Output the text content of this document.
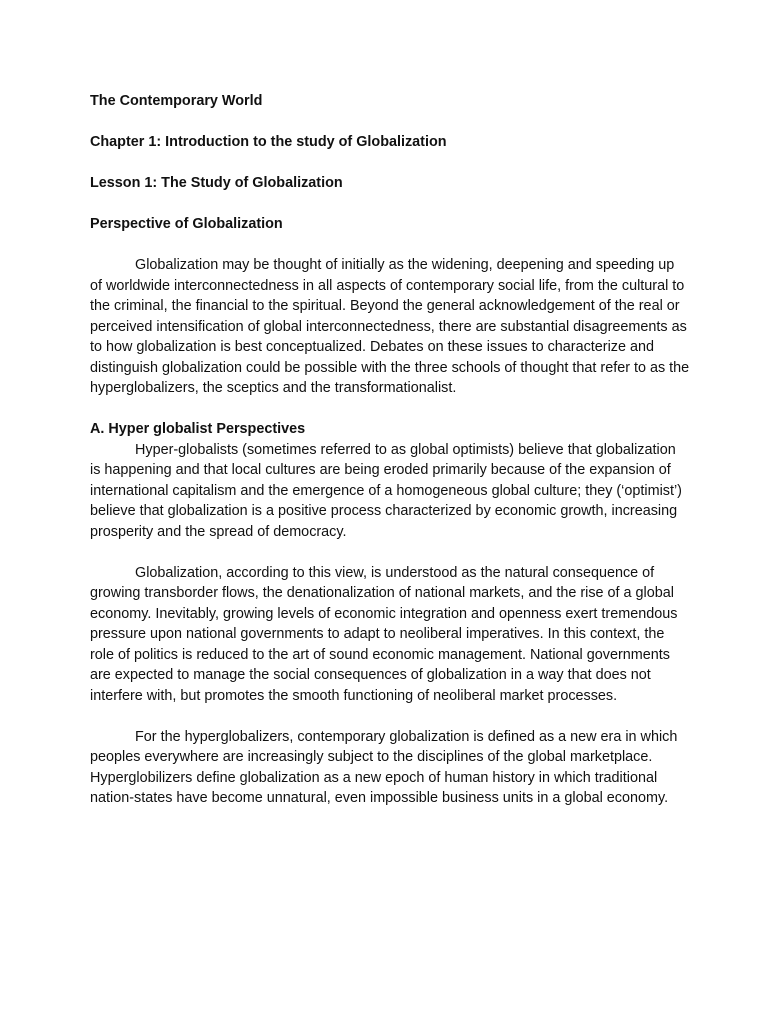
The Contemporary World

Chapter 1: Introduction to the study of Globalization

Lesson 1: The Study of Globalization

Perspective of Globalization

Globalization may be thought of initially as the widening, deepening and speeding up of worldwide interconnectedness in all aspects of contemporary social life, from the cultural to the criminal, the financial to the spiritual. Beyond the general acknowledgement of the real or perceived intensification of global interconnectedness, there are substantial disagreements as to how globalization is best conceptualized. Debates on these issues to characterize and distinguish globalization could be possible with the three schools of thought that refer to as the hyperglobalizers, the sceptics and the transformationalist.

A. Hyper globalist Perspectives

Hyper-globalists (sometimes referred to as global optimists) believe that globalization is happening and that local cultures are being eroded primarily because of the expansion of international capitalism and the emergence of a homogeneous global culture; they (‘optimist’) believe that globalization is a positive process characterized by economic growth, increasing prosperity and the spread of democracy.

Globalization, according to this view, is understood as the natural consequence of growing transborder flows, the denationalization of national markets, and the rise of a global economy. Inevitably, growing levels of economic integration and openness exert tremendous pressure upon national governments to adapt to neoliberal imperatives. In this context, the role of politics is reduced to the art of sound economic management. National governments are expected to manage the social consequences of globalization in a way that does not interfere with, but promotes the smooth functioning of neoliberal market processes.

For the hyperglobalizers, contemporary globalization is defined as a new era in which peoples everywhere are increasingly subject to the disciplines of the global marketplace. Hyperglobilizers define globalization as a new epoch of human history in which traditional nation-states have become unnatural, even impossible business units in a global economy.
